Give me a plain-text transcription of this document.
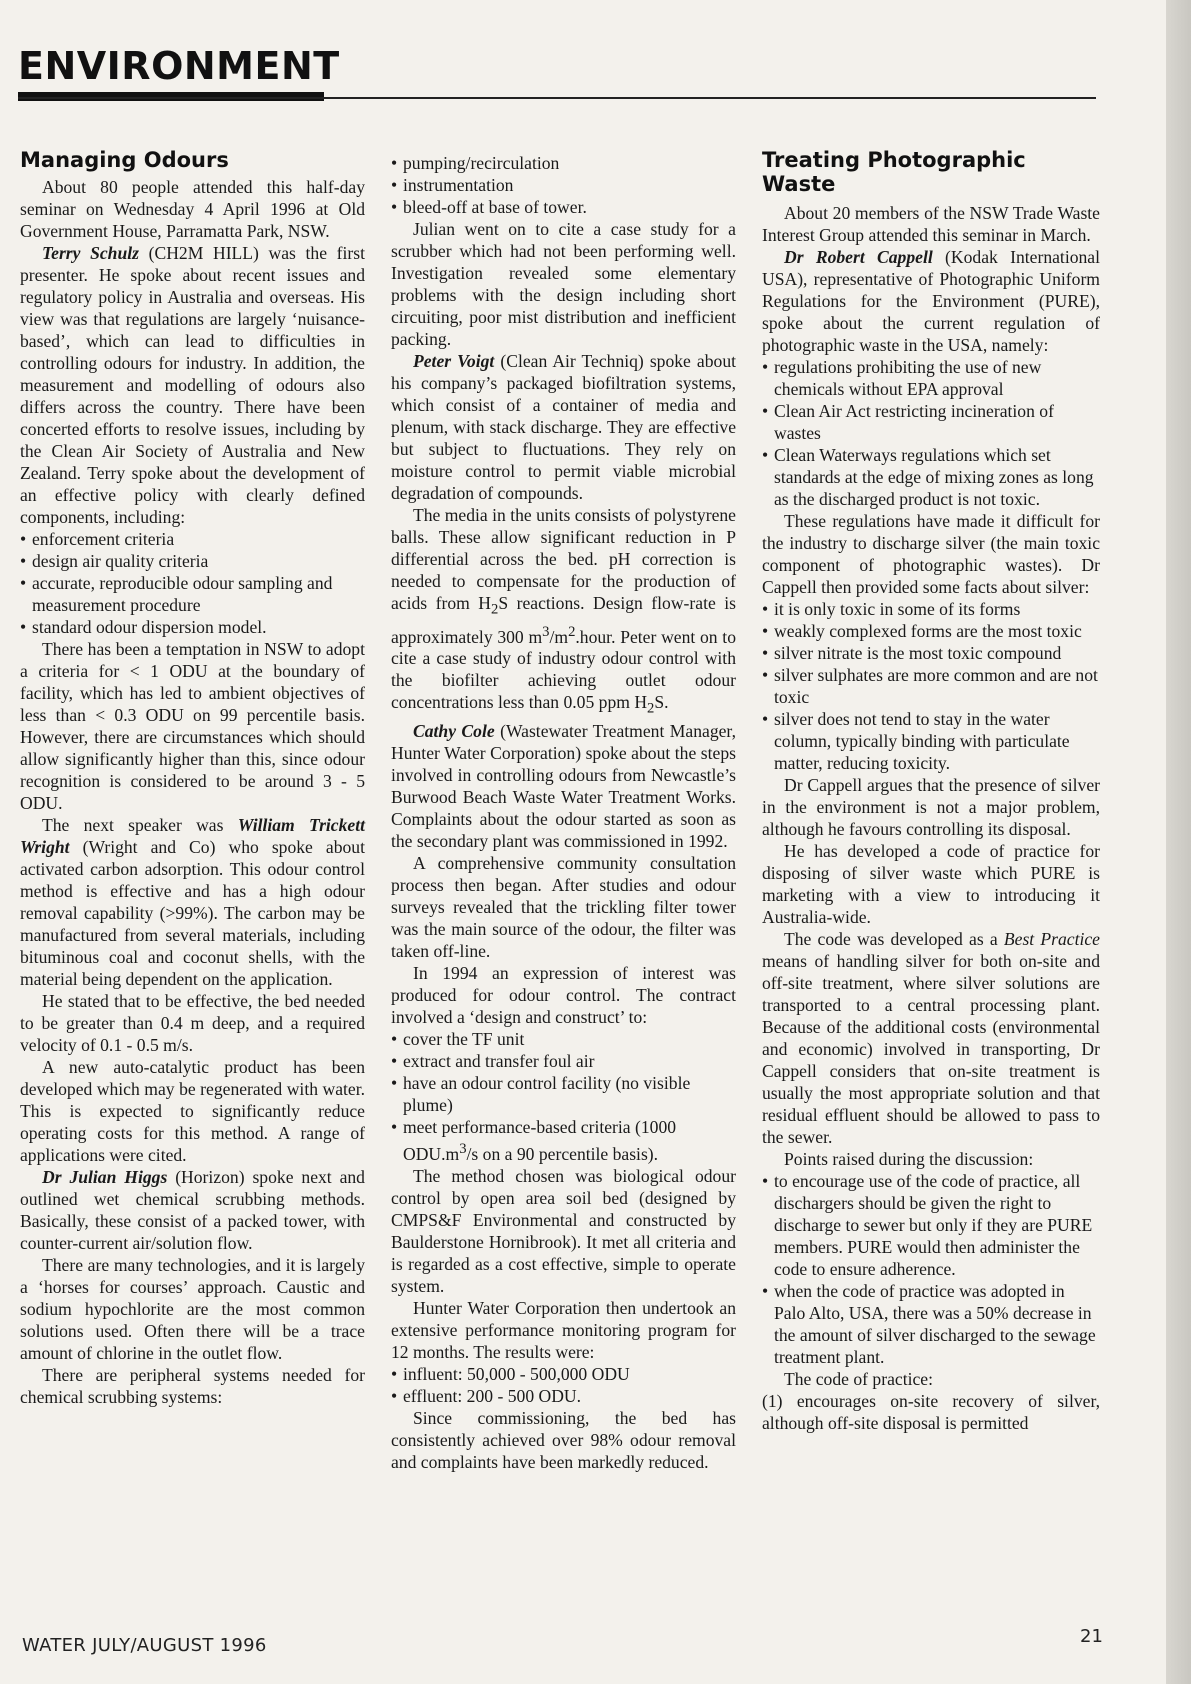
ENVIRONMENT
Managing Odours

About 80 people attended this half-day seminar on Wednesday 4 April 1996 at Old Government House, Parramatta Park, NSW.

Terry Schulz (CH2M HILL) was the first presenter. He spoke about recent issues and regulatory policy in Australia and overseas. His view was that regulations are largely ‘nuisance-based’, which can lead to difficulties in controlling odours for industry. In addition, the measurement and modelling of odours also differs across the country. There have been concerted efforts to resolve issues, including by the Clean Air Society of Australia and New Zealand. Terry spoke about the development of an effective policy with clearly defined components, including:

• enforcement criteria
• design air quality criteria
• accurate, reproducible odour sampling and measurement procedure
• standard odour dispersion model.

There has been a temptation in NSW to adopt a criteria for < 1 ODU at the boundary of facility, which has led to ambient objectives of less than < 0.3 ODU on 99 percentile basis. However, there are circumstances which should allow significantly higher than this, since odour recognition is considered to be around 3 - 5 ODU.

The next speaker was William Trickett Wright (Wright and Co) who spoke about activated carbon adsorption. This odour control method is effective and has a high odour removal capability (>99%). The carbon may be manufactured from several materials, including bituminous coal and coconut shells, with the material being dependent on the application.

He stated that to be effective, the bed needed to be greater than 0.4 m deep, and a required velocity of 0.1 - 0.5 m/s.

A new auto-catalytic product has been developed which may be regenerated with water. This is expected to significantly reduce operating costs for this method. A range of applications were cited.

Dr Julian Higgs (Horizon) spoke next and outlined wet chemical scrubbing methods. Basically, these consist of a packed tower, with counter-current air/solution flow.

There are many technologies, and it is largely a ‘horses for courses’ approach. Caustic and sodium hypochlorite are the most common solutions used. Often there will be a trace amount of chlorine in the outlet flow.

There are peripheral systems needed for chemical scrubbing systems:

• pumping/recirculation
• instrumentation
• bleed-off at base of tower.

Julian went on to cite a case study for a scrubber which had not been performing well. Investigation revealed some elementary problems with the design including short circuiting, poor mist distribution and inefficient packing.

Peter Voigt (Clean Air Techniq) spoke about his company’s packaged biofiltration systems, which consist of a container of media and plenum, with stack discharge. They are effective but subject to fluctuations. They rely on moisture control to permit viable microbial degradation of compounds.

The media in the units consists of polystyrene balls. These allow significant reduction in P differential across the bed. pH correction is needed to compensate for the production of acids from $H_2S$ reactions. Design flow-rate is approximately 300 $m^3/m^2.hour$. Peter went on to cite a case study of industry odour control with the biofilter achieving outlet odour concentrations less than 0.05 ppm $H_2S$.

Cathy Cole (Wastewater Treatment Manager, Hunter Water Corporation) spoke about the steps involved in controlling odours from Newcastle’s Burwood Beach Waste Water Treatment Works. Complaints about the odour started as soon as the secondary plant was commissioned in 1992.

A comprehensive community consultation process then began. After studies and odour surveys revealed that the trickling filter tower was the main source of the odour, the filter was taken off-line.

In 1994 an expression of interest was produced for odour control. The contract involved a ‘design and construct’ to:

• cover the TF unit
• extract and transfer foul air
• have an odour control facility (no visible plume)
• meet performance-based criteria (1000 $ODU.m^3/s$ on a 90 percentile basis).

The method chosen was biological odour control by open area soil bed (designed by CMPS&F Environmental and constructed by Baulderstone Hornibrook). It met all criteria and is regarded as a cost effective, simple to operate system.

Hunter Water Corporation then undertook an extensive performance monitoring program for 12 months. The results were:

• influent: 50,000 - 500,000 ODU
• effluent: 200 - 500 ODU.

Since commissioning, the bed has consistently achieved over 98% odour removal and complaints have been markedly reduced.

Treating Photographic Waste

About 20 members of the NSW Trade Waste Interest Group attended this seminar in March.

Dr Robert Cappell (Kodak International USA), representative of Photographic Uniform Regulations for the Environment (PURE), spoke about the current regulation of photographic waste in the USA, namely:

• regulations prohibiting the use of new chemicals without EPA approval
• Clean Air Act restricting incineration of wastes
• Clean Waterways regulations which set standards at the edge of mixing zones as long as the discharged product is not toxic.

These regulations have made it difficult for the industry to discharge silver (the main toxic component of photographic wastes). Dr Cappell then provided some facts about silver:

• it is only toxic in some of its forms
• weakly complexed forms are the most toxic
• silver nitrate is the most toxic compound
• silver sulphates are more common and are not toxic
• silver does not tend to stay in the water column, typically binding with particulate matter, reducing toxicity.

Dr Cappell argues that the presence of silver in the environment is not a major problem, although he favours controlling its disposal.

He has developed a code of practice for disposing of silver waste which PURE is marketing with a view to introducing it Australia-wide.

The code was developed as a Best Practice means of handling silver for both on-site and off-site treatment, where silver solutions are transported to a central processing plant. Because of the additional costs (environmental and economic) involved in transporting, Dr Cappell considers that on-site treatment is usually the most appropriate solution and that residual effluent should be allowed to pass to the sewer.

Points raised during the discussion:

• to encourage use of the code of practice, all dischargers should be given the right to discharge to sewer but only if they are PURE members. PURE would then administer the code to ensure adherence.
• when the code of practice was adopted in Palo Alto, USA, there was a 50% decrease in the amount of silver discharged to the sewage treatment plant.

The code of practice:

(1) encourages on-site recovery of silver, although off-site disposal is permitted

WATER JULY/AUGUST 1996	21
